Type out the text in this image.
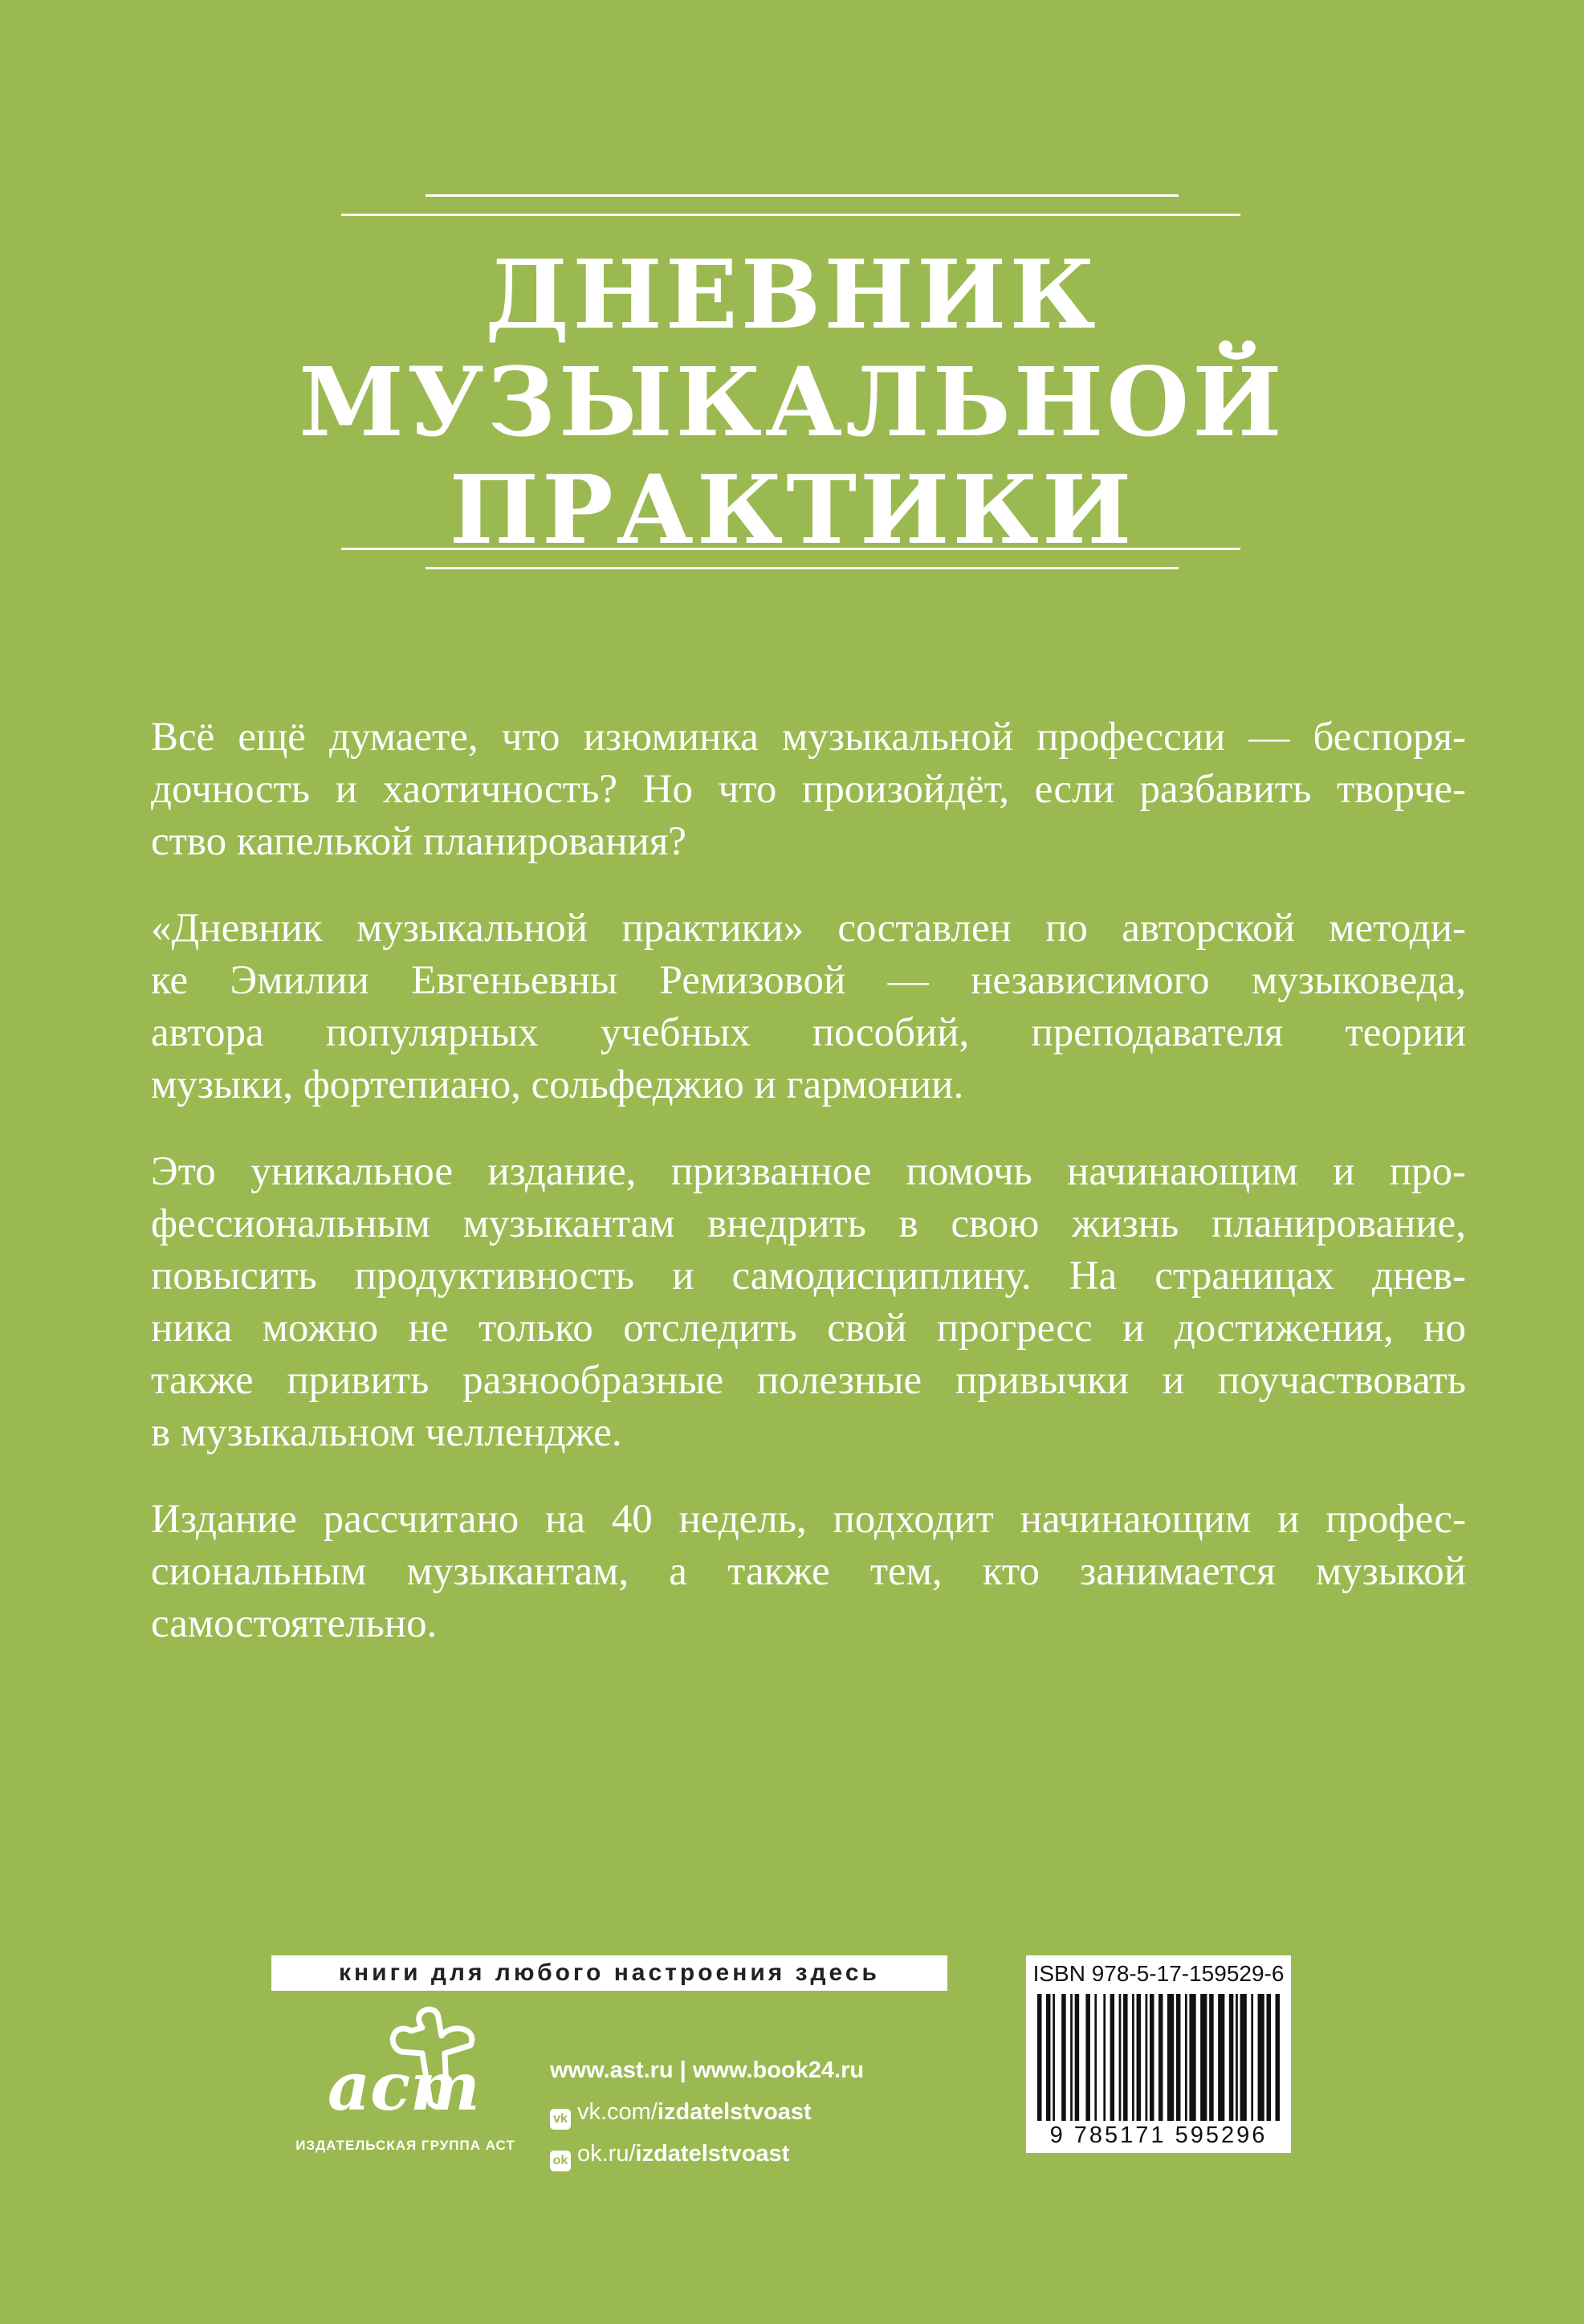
ДНЕВНИК
МУЗЫКАЛЬНОЙ
ПРАКТИКИ

Всё ещё думаете, что изюминка музыкальной профессии — беспоря-
дочность и хаотичность? Но что произойдёт, если разбавить творче-
ство капелькой планирования?

«Дневник музыкальной практики» составлен по авторской методи-
ке Эмилии Евгеньевны Ремизовой — независимого музыковеда,
автора популярных учебных пособий, преподавателя теории
музыки, фортепиано, сольфеджио и гармонии.

Это уникальное издание, призванное помочь начинающим и про-
фессиональным музыкантам внедрить в свою жизнь планирование,
повысить продуктивность и самодисциплину. На страницах днев-
ника можно не только отследить свой прогресс и достижения, но
также привить разнообразные полезные привычки и поучаствовать
в музыкальном челлендже.

Издание рассчитано на 40 недель, подходит начинающим и профес-
сиональным музыкантам, а также тем, кто занимается музыкой
самостоятельно.

книги для любого настроения здесь
аст
ИЗДАТЕЛЬСКАЯ ГРУППА АСТ
www.ast.ru | www.book24.ru
vk vk.com/izdatelstvoast
ok ok.ru/izdatelstvoast
ISBN 978-5-17-159529-6
9 785171 595296
